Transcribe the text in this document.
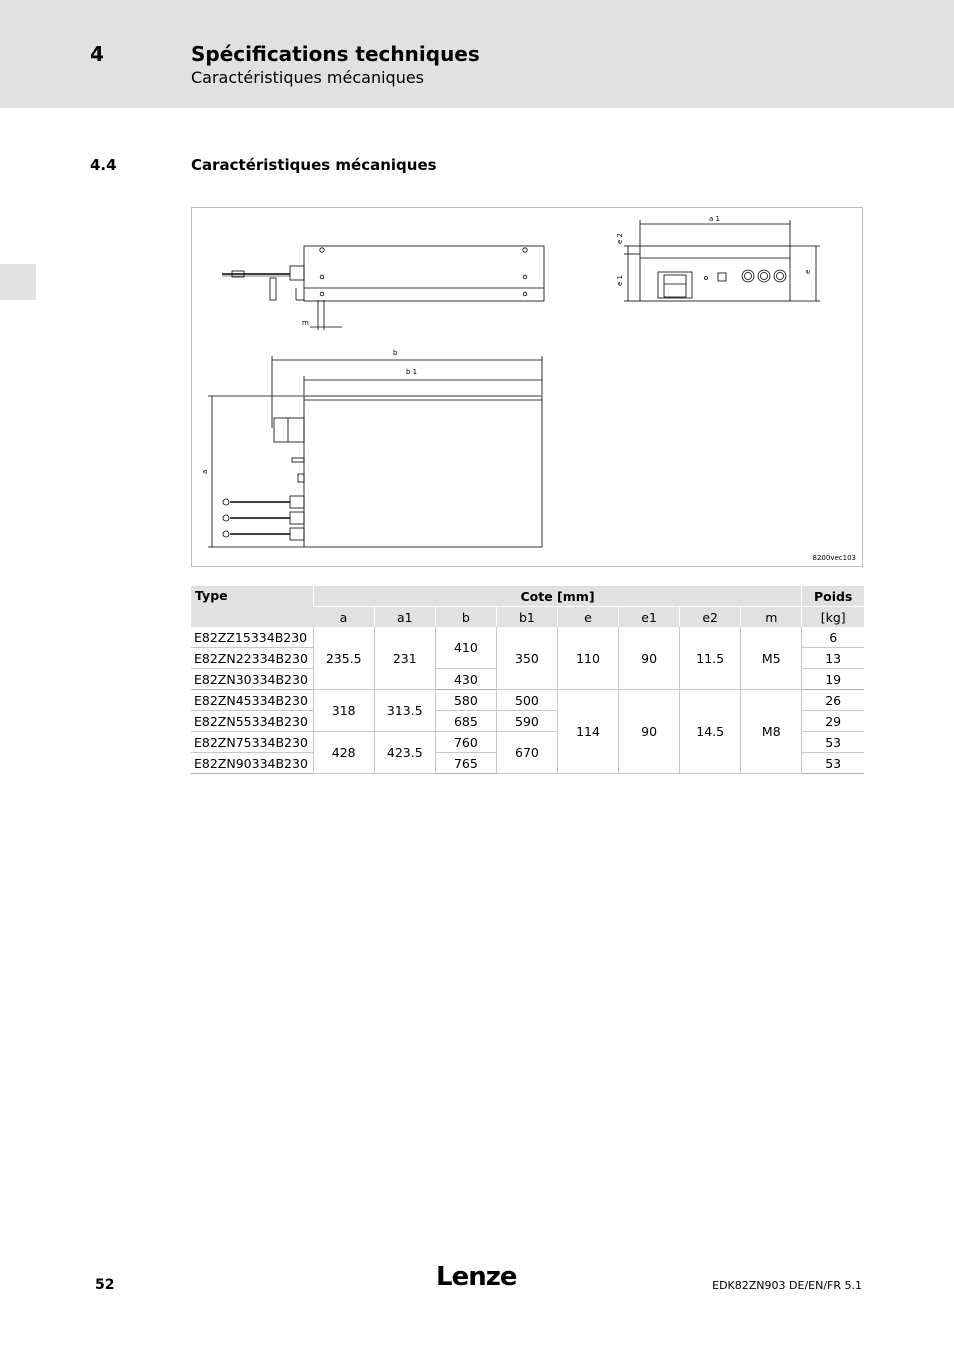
4	Spécifications techniques
Caractéristiques mécaniques
4.4	Caractéristiques mécaniques
m
a 1
e 2
e 1
e
b
b 1
a
8200vec103
Type	Cote [mm]								Poids
	a	a1	b	b1	e	e1	e2	m	[kg]
E82ZZ15334B230	235.5	231	410	350	110	90	11.5	M5	6
E82ZN22334B230									13
E82ZN30334B230			430						19
E82ZN45334B230	318	313.5	580	500	114	90	14.5	M8	26
E82ZN55334B230			685	590					29
E82ZN75334B230	428	423.5	760	670					53
E82ZN90334B230			765						53
52	Lenze	EDK82ZN903 DE/EN/FR 5.1
